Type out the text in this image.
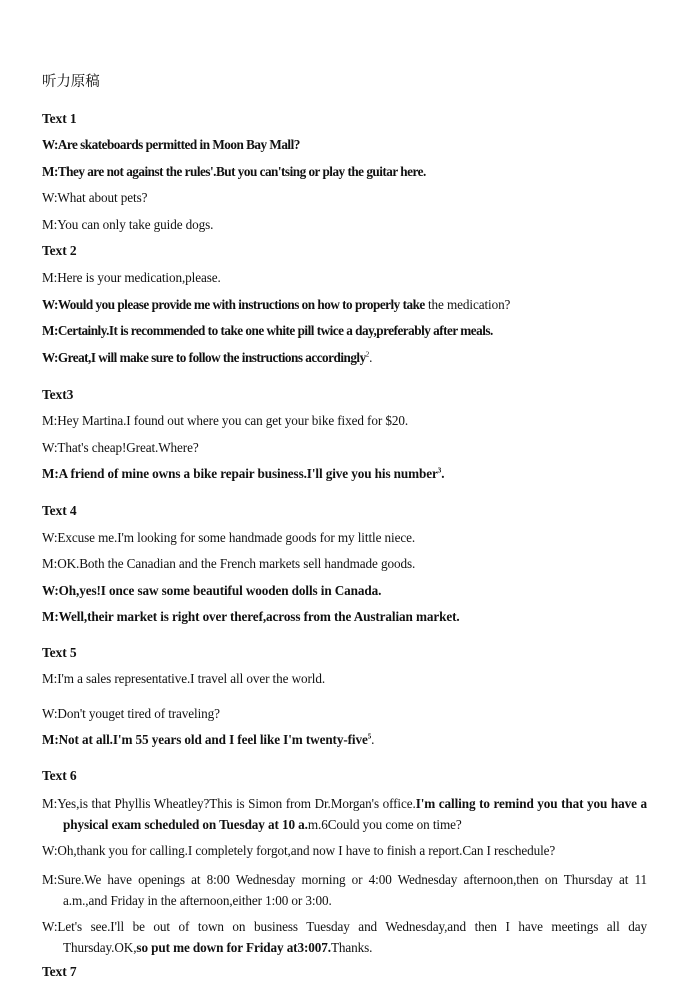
听力原稿
Text 1
W:Are skateboards permitted in Moon Bay Mall?
M:They are not against the rules'.But you can'tsing or play the guitar here.
W:What about pets?
M:You can only take guide dogs.
Text 2
M:Here is your medication,please.
W:Would you please provide me with instructions on how to properly take the medication?
M:Certainly.It is recommended to take one white pill twice a day,preferably after meals.
W:Great,I will make sure to follow the instructions accordingly$^2$.
Text3
M:Hey Martina.I found out where you can get your bike fixed for $20.
W:That's cheap!Great.Where?
M:A friend of mine owns a bike repair business.I'll give you his number$^3$.
Text 4
W:Excuse me.I'm looking for some handmade goods for my little niece.
M:OK.Both the Canadian and the French markets sell handmade goods.
W:Oh,yes!I once saw some beautiful wooden dolls in Canada.
M:Well,their market is right over theref,across from the Australian market.
Text 5
M:I'm a sales representative.I travel all over the world.
W:Don't youget tired of traveling?
M:Not at all.I'm 55 years old and I feel like I'm twenty-five$^5$.
Text 6
M:Yes,is that Phyllis Wheatley?This is Simon from Dr.Morgan's office.I'm calling to remind you that you have a physical exam scheduled on Tuesday at 10 a.m.6Could you come on time?
W:Oh,thank you for calling.I completely forgot,and now I have to finish a report.Can I reschedule?
M:Sure.We have openings at 8:00 Wednesday morning or 4:00 Wednesday afternoon,then on Thursday at 11 a.m.,and Friday in the afternoon,either 1:00 or 3:00.
W:Let's see.I'll be out of town on business Tuesday and Wednesday,and then I have meetings all day Thursday.OK,so put me down for Friday at3:007.Thanks.
Text 7
